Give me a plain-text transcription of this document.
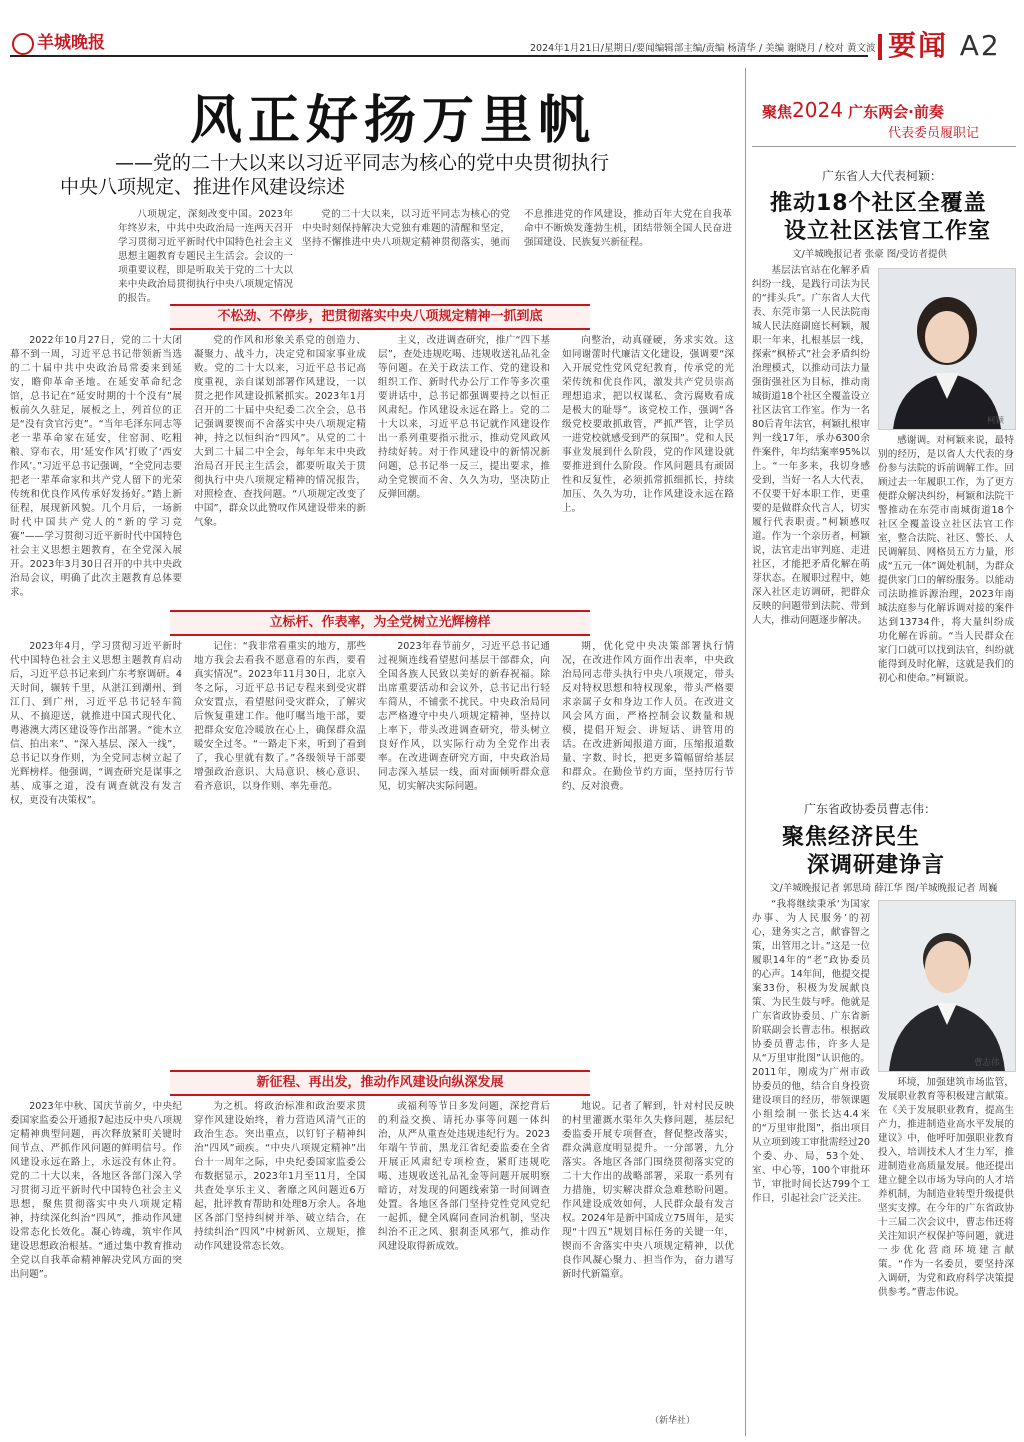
羊城晚报	2024年1月21日/星期日/要闻编辑部主编/责编 杨清华 / 美编 谢晓月 / 校对 黄文波 要闻 A2
风正好扬万里帆
——党的二十大以来以习近平同志为核心的党中央贯彻执行
中央八项规定、推进作风建设综述

八项规定，深刻改变中国。2023年年终岁末，中共中央政治局一连两天召开学习贯彻习近平新时代中国特色社会主义思想主题教育专题民主生活会。会议的一项重要议程，即是听取关于党的二十大以来中央政治局贯彻执行中央八项规定情况的报告。

党的二十大以来，以习近平同志为核心的党中央时刻保持解决大党独有难题的清醒和坚定，坚持不懈推进中央八项规定精神贯彻落实，驰而不息推进党的作风建设，推动百年大党在自我革命中不断焕发蓬勃生机，团结带领全国人民奋进强国建设、民族复兴新征程。

不松劲、不停步，把贯彻落实中央八项规定精神一抓到底

2022年10月27日，党的二十大闭幕不到一周，习近平总书记带领新当选的二十届中共中央政治局常委来到延安，瞻仰革命圣地。在延安革命纪念馆，总书记在“延安时期的十个没有”展板前久久驻足，展板之上，列首位的正是“没有贪官污吏”。“当年毛泽东同志等老一辈革命家在延安，住窑洞、吃粗粮、穿布衣，用‘延安作风’打败了‘西安作风’。”习近平总书记强调，“全党同志要把老一辈革命家和共产党人留下的光荣传统和优良作风传承好发扬好。”踏上新征程，展现新风貌。几个月后，一场新时代中国共产党人的“新的学习竞赛”——学习贯彻习近平新时代中国特色社会主义思想主题教育，在全党深入展开。2023年3月30日召开的中共中央政治局会议，明确了此次主题教育总体要求。

党的作风和形象关系党的创造力、凝聚力、战斗力，决定党和国家事业成败。党的二十大以来，习近平总书记高度重视，亲自谋划部署作风建设，一以贯之把作风建设抓紧抓实。2023年1月召开的二十届中央纪委二次全会，总书记强调要锲而不舍落实中央八项规定精神，持之以恒纠治“四风”。从党的二十大到二十届二中全会，每年年末中央政治局召开民主生活会，都要听取关于贯彻执行中央八项规定精神的情况报告，对照检查、查找问题。“八项规定改变了中国”，群众以此赞叹作风建设带来的新气象。

主义，改进调查研究，推广“四下基层”，查处违规吃喝、违规收送礼品礼金等问题。在关于政法工作、党的建设和组织工作、新时代办公厅工作等多次重要讲话中，总书记都强调要持之以恒正风肃纪。作风建设永远在路上。党的二十大以来，习近平总书记就作风建设作出一系列重要指示批示，推动党风政风持续好转。对于作风建设中的新情况新问题，总书记举一反三，提出要求，推动全党锲而不舍、久久为功，坚决防止反弹回潮。

向整治，动真碰硬，务求实效。这如同谢蕾时代廉洁文化建设，强调要“深入开展党性党风党纪教育，传承党的光荣传统和优良作风，激发共产党员崇高理想追求，把以权谋私、贪污腐败看成是极大的耻辱”。该党校工作，强调“各级党校要敢抓敢管，严抓严管，让学员一进党校就感受到严的氛围”。党和人民事业发展到什么阶段，党的作风建设就要推进到什么阶段。作风问题具有顽固性和反复性，必须抓常抓细抓长，持续加压、久久为功，让作风建设永远在路上。

立标杆、作表率，为全党树立光辉榜样

2023年4月，学习贯彻习近平新时代中国特色社会主义思想主题教育启动后，习近平总书记来到广东考察调研。4天时间，辗转千里，从湛江到潮州、到江门、到广州，习近平总书记轻车简从、不搞迎送，就推进中国式现代化、粤港澳大湾区建设等作出部署。“徙木立信、拍出来”、“深入基层、深入一线”，总书记以身作则，为全党同志树立起了光辉榜样。他强调，“调查研究是谋事之基、成事之道，没有调查就没有发言权，更没有决策权”。

记住：“我非常看重实的地方，那些地方我会去看我不愿意看的东西，要看真实情况”。2023年11月30日，北京入冬之际，习近平总书记专程来到受灾群众安置点，看望慰问受灾群众，了解灾后恢复重建工作。他叮嘱当地干部，要把群众安危冷暖放在心上，确保群众温暖安全过冬。“一路走下来，听到了看到了，我心里就有数了。”各级领导干部要增强政治意识、大局意识、核心意识、看齐意识，以身作则、率先垂范。

2023年春节前夕，习近平总书记通过视频连线看望慰问基层干部群众，向全国各族人民致以美好的新春祝福。除出席重要活动和会议外，总书记出行轻车简从，不铺张不扰民。中央政治局同志严格遵守中央八项规定精神，坚持以上率下，带头改进调查研究，带头树立良好作风，以实际行动为全党作出表率。在改进调查研究方面，中央政治局同志深入基层一线，面对面倾听群众意见，切实解决实际问题。

期，优化党中央决策部署执行情况，在改进作风方面作出表率，中央政治局同志带头执行中央八项规定，带头反对特权思想和特权现象，带头严格要求亲属子女和身边工作人员。在改进文风会风方面，严格控制会议数量和规模，提倡开短会、讲短话、讲管用的话。在改进新闻报道方面，压缩报道数量、字数、时长，把更多篇幅留给基层和群众。在勤俭节约方面，坚持厉行节约、反对浪费。

新征程、再出发，推动作风建设向纵深发展

2023年中秋、国庆节前夕，中央纪委国家监委公开通报7起违反中央八项规定精神典型问题，再次释放紧盯关键时间节点、严抓作风问题的鲜明信号。作风建设永远在路上，永远没有休止符。党的二十大以来，各地区各部门深入学习贯彻习近平新时代中国特色社会主义思想，聚焦贯彻落实中央八项规定精神，持续深化纠治“四风”，推动作风建设常态化长效化。凝心铸魂，筑牢作风建设思想政治根基。“通过集中教育推动全党以自我革命精神解决党风方面的突出问题”。

为之机。将政治标准和政治要求贯穿作风建设始终，着力营造风清气正的政治生态。突出重点，以钉钉子精神纠治“四风”顽疾。“中央八项规定精神”出台十一周年之际，中央纪委国家监委公布数据显示，2023年1月至11月，全国共查处享乐主义、奢靡之风问题近6万起，批评教育帮助和处理8万余人。各地区各部门坚持纠树并举、破立结合，在持续纠治“四风”中树新风、立规矩，推动作风建设常态长效。

或福利等节日多发问题，深挖背后的利益交换、请托办事等问题一体纠治，从严从重查处违规违纪行为。2023年端午节前，黑龙江省纪委监委在全省开展正风肃纪专项检查，紧盯违规吃喝、违规收送礼品礼金等问题开展明察暗访，对发现的问题线索第一时间调查处置。各地区各部门坚持党性党风党纪一起抓，健全风腐同查同治机制，坚决纠治不正之风、狠刹歪风邪气，推动作风建设取得新成效。

地说。记者了解到，针对村民反映的村里灌溉水渠年久失修问题，基层纪委监委开展专项督查，督促整改落实，群众满意度明显提升。一分部署，九分落实。各地区各部门围绕贯彻落实党的二十大作出的战略部署，采取一系列有力措施，切实解决群众急难愁盼问题。作风建设成效如何，人民群众最有发言权。2024年是新中国成立75周年，是实现“十四五”规划目标任务的关键一年，锲而不舍落实中央八项规定精神，以优良作风凝心聚力、担当作为，奋力谱写新时代新篇章。

（新华社）
聚焦2024 广东两会·前奏
代表委员履职记
广东省人大代表柯颖：
推动18个社区全覆盖
设立社区法官工作室
文/羊城晚报记者 张豪 图/受访者提供

基层法官站在化解矛盾纠纷一线，是践行司法为民的“排头兵”。广东省人大代表、东莞市第一人民法院南城人民法庭副庭长柯颖，履职一年来，扎根基层一线，探索“枫桥式”社会矛盾纠纷治理模式，以推动司法力量强街强社区为目标，推动南城街道18个社区全覆盖设立社区法官工作室。作为一名80后青年法官，柯颖扎根审判一线17年，承办6300余件案件，年均结案率95%以上。“一年多来，我切身感受到，当好一名人大代表，不仅要干好本职工作，更重要的是做群众代言人，切实履行代表职责。”柯颖感叹道。作为一个亲历者，柯颖说，法官走出审判庭、走进社区，才能把矛盾化解在萌芽状态。在履职过程中，她深入社区走访调研，把群众反映的问题带到法院、带到人大，推动问题逐步解决。

柯颖

感谢调。对柯颖来说，最特别的经历，是以省人大代表的身份参与法院的诉前调解工作。回顾过去一年履职工作，为了更方便群众解决纠纷，柯颖和法院干警推动在东莞市南城街道18个社区全覆盖设立社区法官工作室，整合法院、社区、警长、人民调解员、网格员五方力量，形成“五元一体”调处机制，为群众提供家门口的解纷服务。以能动司法助推诉源治理，2023年南城法庭参与化解诉调对接的案件达到13734件，将大量纠纷成功化解在诉前。“当人民群众在家门口就可以找到法官，纠纷就能得到及时化解，这就是我们的初心和使命。”柯颖说。

广东省政协委员曹志伟：
聚焦经济民生
深调研建诤言
文/羊城晚报记者 郭思琦 薛江华 图/羊城晚报记者 周巍

“我将继续秉承‘为国家办事、为人民服务’的初心，建务实之言，献睿智之策，出管用之计。”这是一位履职14年的“老”政协委员的心声。14年间，他提交提案33份，积极为发展献良策、为民生鼓与呼。他就是广东省政协委员、广东省新阶联副会长曹志伟。根据政协委员曹志伟，许多人是从“万里审批图”认识他的。2011年，刚成为广州市政协委员的他，结合自身投资建设项目的经历，带领课题小组绘制一张长达4.4米的“万里审批图”，指出项目从立项到竣工审批需经过20个委、办、局，53个处、室、中心等，100个审批环节，审批时间长达799个工作日，引起社会广泛关注。

曹志伟

环境，加强建筑市场监管，发展职业教育等积极建言献策。在《关于发展职业教育，提高生产力，推进制造业高水平发展的建议》中，他呼吁加强职业教育投入，培训技术人才生力军，推进制造业高质量发展。他还提出建立健全以市场为导向的人才培养机制，为制造业转型升级提供坚实支撑。在今年的广东省政协十三届二次会议中，曹志伟还将关注知识产权保护等问题，就进一步优化营商环境建言献策。“作为一名委员，要坚持深入调研，为党和政府科学决策提供参考。”曹志伟说。
